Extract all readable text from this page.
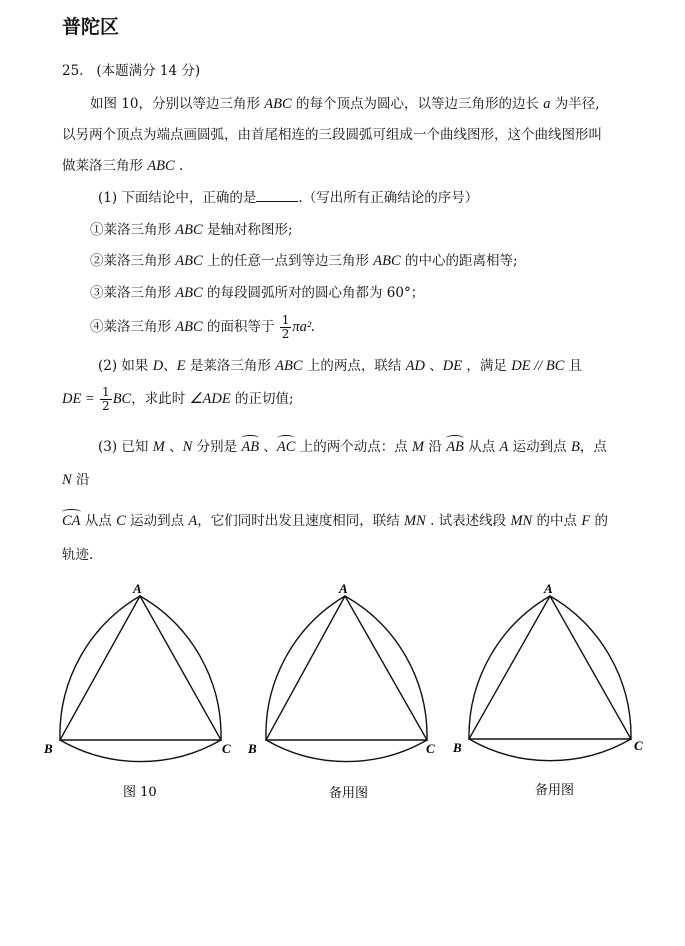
普陀区
25. (本题满分 14 分)
如图 10，分别以等边三角形 ABC 的每个顶点为圆心，以等边三角形的边长 a 为半径,
以另两个顶点为端点画圆弧，由首尾相连的三段圆弧可组成一个曲线图形，这个曲线图形叫
做莱洛三角形 ABC .
(1) 下面结论中，正确的是	.（写出所有正确结论的序号）
①莱洛三角形 ABC 是轴对称图形;
②莱洛三角形 ABC 上的任意一点到等边三角形 ABC 的中心的距离相等;
③莱洛三角形 ABC 的每段圆弧所对的圆心角都为 60°；
④莱洛三角形 ABC 的面积等于 $\frac{1}{2} \pi a^2$.
(2) 如果 D、E 是莱洛三角形 ABC 上的两点，联结 AD 、DE ，满足 DE // BC 且
DE = $\frac{1}{2}$ BC，求此时 ∠ADE 的正切值;
(3) 已知 M 、N 分别是 AB 、AC 上的两个动点：点 M 沿 AB 从点 A 运动到点 B，点
N 沿
CA 从点 C 运动到点 A，它们同时出发且速度相同，联结 MN . 试表述线段 MN 的中点 F 的
轨迹.
A
B	C
图 10
A
B	C
备用图
A
B	C
备用图
